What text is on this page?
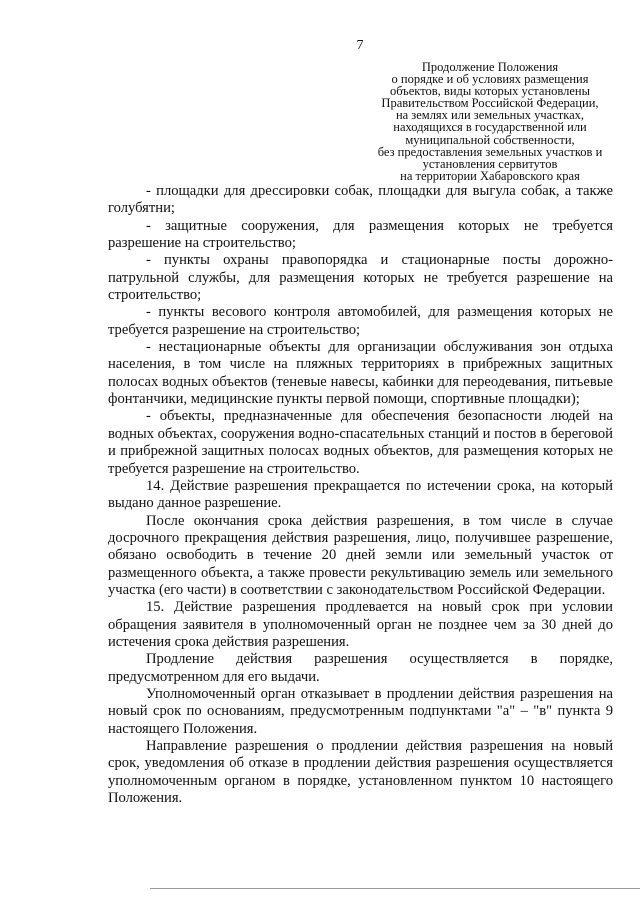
7
Продолжение Положения
о порядке и об условиях размещения
объектов, виды которых установлены
Правительством Российской Федерации,
на землях или земельных участках,
находящихся в государственной или
муниципальной собственности,
без предоставления земельных участков и
установления сервитутов
на территории Хабаровского края

- площадки для дрессировки собак, площадки для выгула собак, а также голубятни;

- защитные сооружения, для размещения которых не требуется разрешение на строительство;

- пункты охраны правопорядка и стационарные посты дорожно-патрульной службы, для размещения которых не требуется разрешение на строительство;

- пункты весового контроля автомобилей, для размещения которых не требуется разрешение на строительство;

- нестационарные объекты для организации обслуживания зон отдыха населения, в том числе на пляжных территориях в прибрежных защитных полосах водных объектов (теневые навесы, кабинки для переодевания, питьевые фонтанчики, медицинские пункты первой помощи, спортивные площадки);

- объекты, предназначенные для обеспечения безопасности людей на водных объектах, сооружения водно-спасательных станций и постов в береговой и прибрежной защитных полосах водных объектов, для размещения которых не требуется разрешение на строительство.

14. Действие разрешения прекращается по истечении срока, на который выдано данное разрешение.

После окончания срока действия разрешения, в том числе в случае досрочного прекращения действия разрешения, лицо, получившее разрешение, обязано освободить в течение 20 дней земли или земельный участок от размещенного объекта, а также провести рекультивацию земель или земельного участка (его части) в соответствии с законодательством Российской Федерации.

15. Действие разрешения продлевается на новый срок при условии обращения заявителя в уполномоченный орган не позднее чем за 30 дней до истечения срока действия разрешения.

Продление действия разрешения осуществляется в порядке, предусмотренном для его выдачи.

Уполномоченный орган отказывает в продлении действия разрешения на новый срок по основаниям, предусмотренным подпунктами "а" – "в" пункта 9 настоящего Положения.

Направление разрешения о продлении действия разрешения на новый срок, уведомления об отказе в продлении действия разрешения осуществляется уполномоченным органом в порядке, установленном пунктом 10 настоящего Положения.
